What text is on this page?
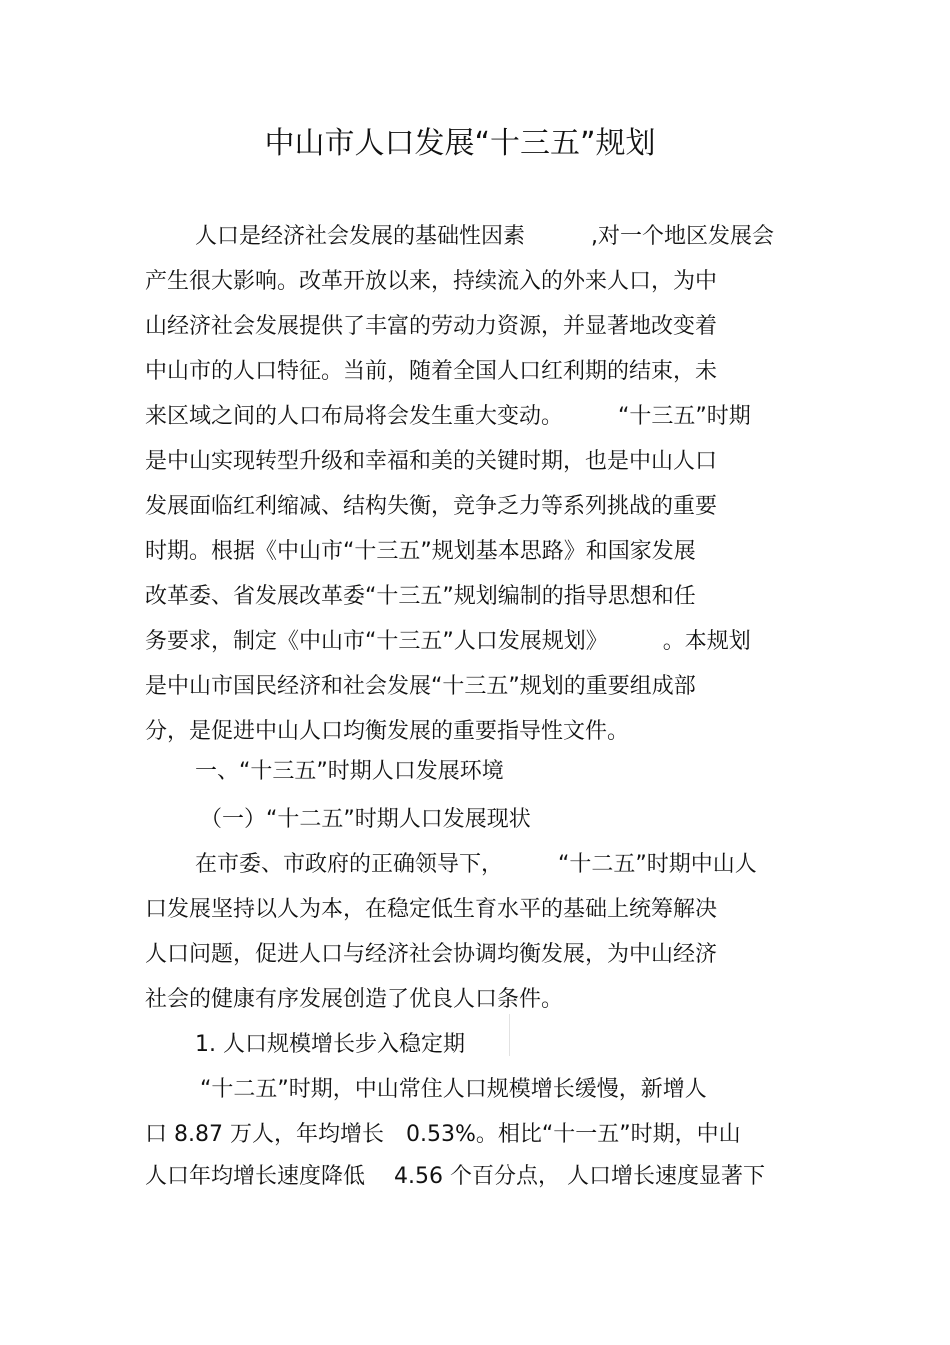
中山市人口发展“十三五”规划
人口是经济社会发展的基础性因素　　　,对一个地区发展会
产生很大影响。改革开放以来，持续流入的外来人口，为中
山经济社会发展提供了丰富的劳动力资源，并显著地改变着
中山市的人口特征。当前，随着全国人口红利期的结束，未
来区域之间的人口布局将会发生重大变动。　　　“十三五”时期
是中山实现转型升级和幸福和美的关键时期，也是中山人口
发展面临红利缩减、结构失衡，竞争乏力等系列挑战的重要
时期。根据《中山市“十三五”规划基本思路》和国家发展
改革委、省发展改革委“十三五”规划编制的指导思想和任
务要求，制定《中山市“十三五”人口发展规划》　　　。本规划
是中山市国民经济和社会发展“十三五”规划的重要组成部
分，是促进中山人口均衡发展的重要指导性文件。
一、“十三五”时期人口发展环境
（一）“十二五”时期人口发展现状
在市委、市政府的正确领导下，　　　“十二五”时期中山人
口发展坚持以人为本，在稳定低生育水平的基础上统筹解决
人口问题，促进人口与经济社会协调均衡发展，为中山经济
社会的健康有序发展创造了优良人口条件。
1. 人口规模增长步入稳定期
“十二五”时期，中山常住人口规模增长缓慢，新增人
口 8.87 万人，年均增长　0.53%。相比“十一五”时期，中山
人口年均增长速度降低　 4.56 个百分点， 人口增长速度显著下
